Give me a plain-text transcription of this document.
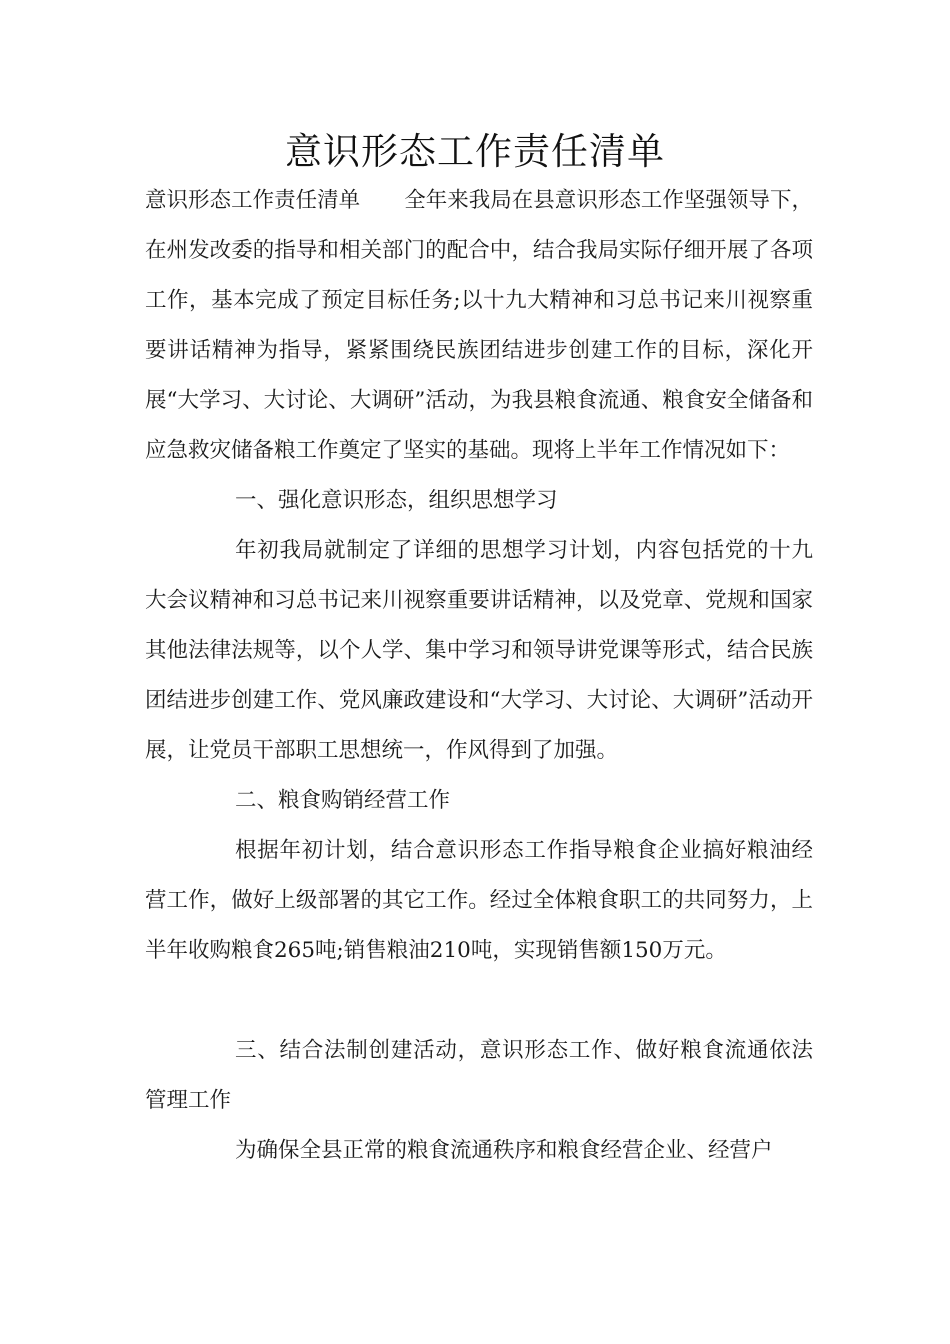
意识形态工作责任清单

意识形态工作责任清单 全年来我局在县意识形态工作坚强领导下，在州发改委的指导和相关部门的配合中，结合我局实际仔细开展了各项工作，基本完成了预定目标任务;以十九大精神和习总书记来川视察重要讲话精神为指导，紧紧围绕民族团结进步创建工作的目标，深化开展“大学习、大讨论、大调研”活动，为我县粮食流通、粮食安全储备和应急救灾储备粮工作奠定了坚实的基础。现将上半年工作情况如下：

一、强化意识形态，组织思想学习

年初我局就制定了详细的思想学习计划，内容包括党的十九大会议精神和习总书记来川视察重要讲话精神，以及党章、党规和国家其他法律法规等，以个人学、集中学习和领导讲党课等形式，结合民族团结进步创建工作、党风廉政建设和“大学习、大讨论、大调研”活动开展，让党员干部职工思想统一，作风得到了加强。

二、粮食购销经营工作

根据年初计划，结合意识形态工作指导粮食企业搞好粮油经营工作，做好上级部署的其它工作。经过全体粮食职工的共同努力，上半年收购粮食265吨;销售粮油210吨，实现销售额150万元。

三、结合法制创建活动，意识形态工作、做好粮食流通依法管理工作

为确保全县正常的粮食流通秩序和粮食经营企业、经营户
